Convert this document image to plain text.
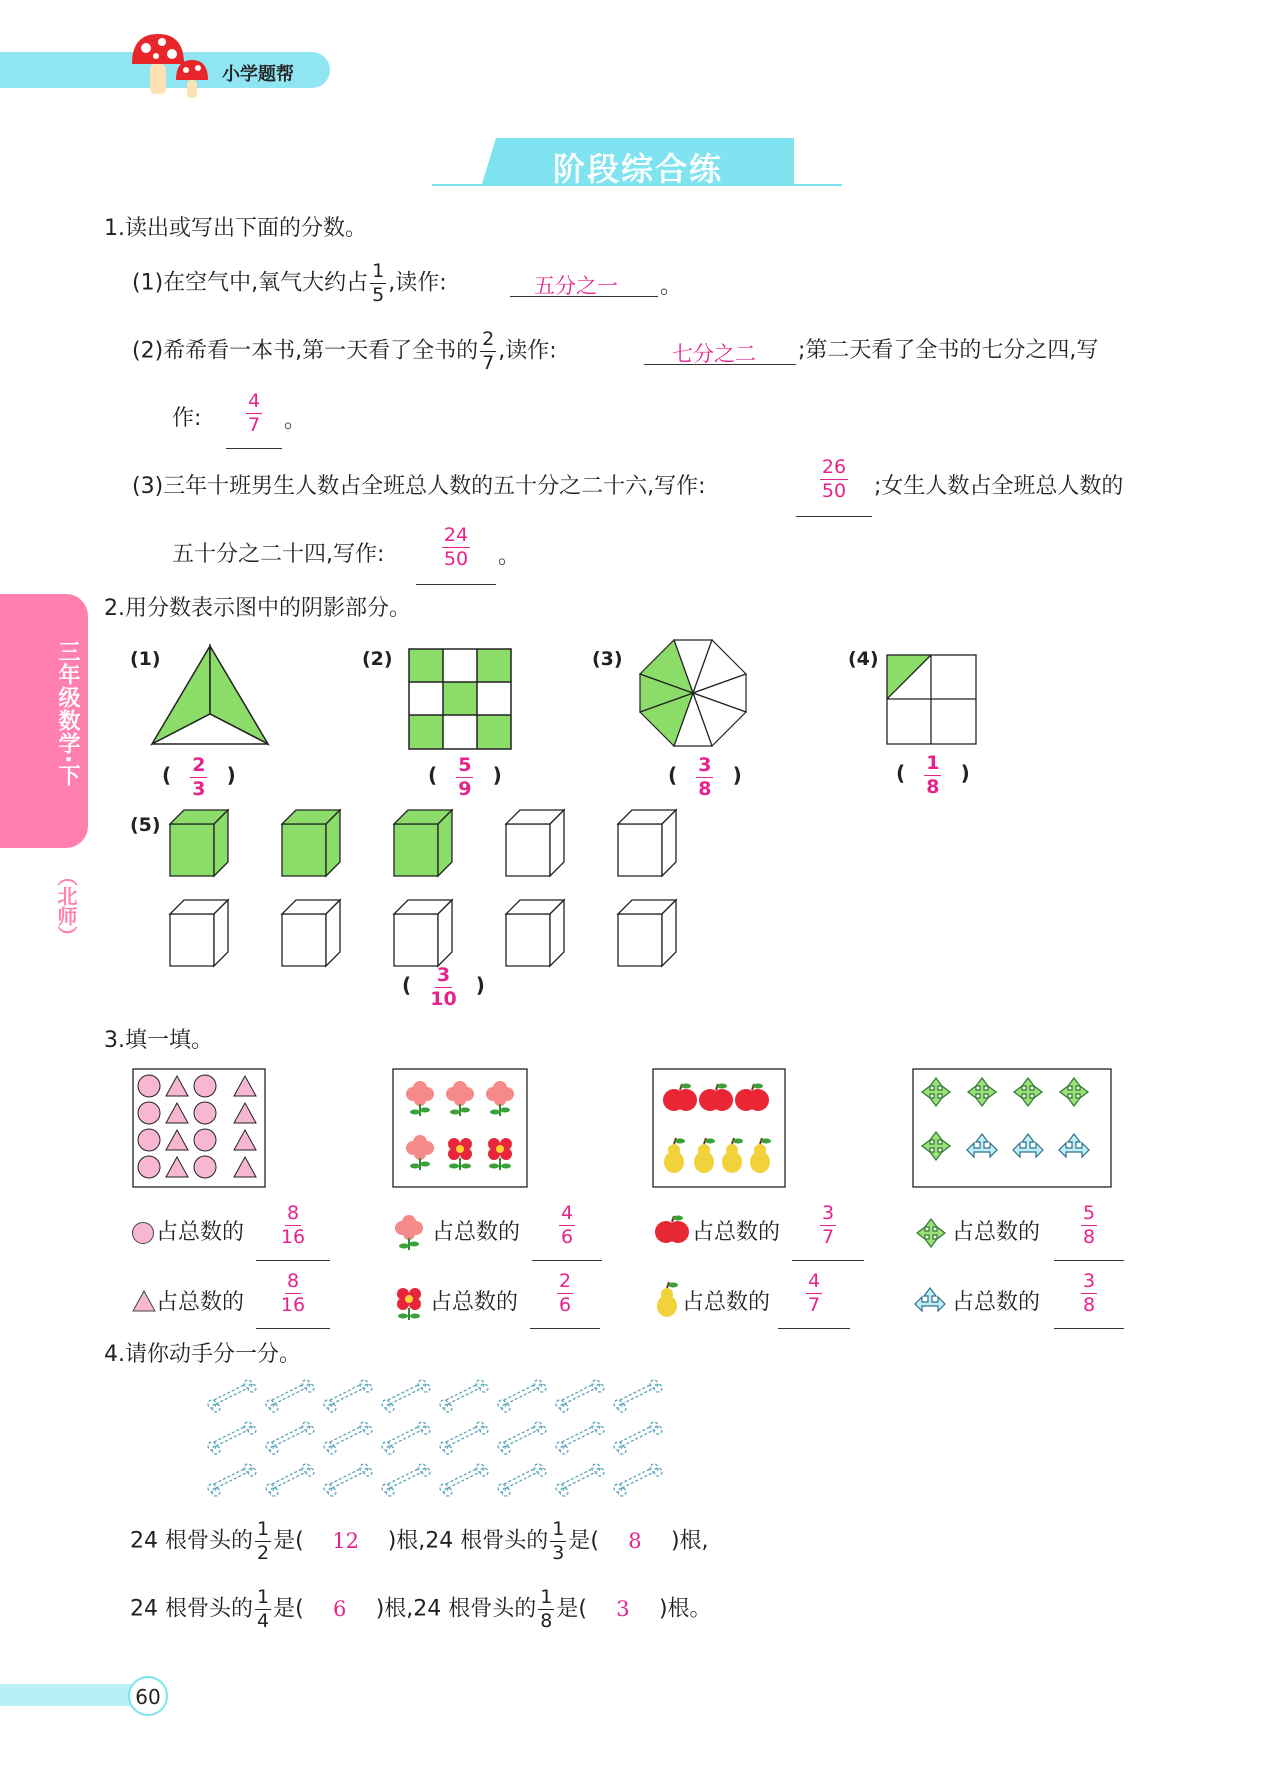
小学题帮
阶段综合练
三年级数学·下
（北师）
1.读出或写出下面的分数。
(1)在空气中,氧气大约占 $\frac{1}{5}$ ,读作:	五分之一 。
(2)希希看一本书,第一天看了全书的 $\frac{2}{7}$ ,读作:	七分之二 ;第二天看了全书的七分之四,写
作: $\frac{4}{7}$ 。
(3)三年十班男生人数占全班总人数的五十分之二十六,写作:	$\frac{26}{50}$ ;女生人数占全班总人数的
五十分之二十四,写作:	$\frac{24}{50}$ 。
2.用分数表示图中的阴影部分。
(1)
( $\frac{2}{3}$ )
(2)
( $\frac{5}{9}$ )
(3)
( $\frac{3}{8}$ )
(4)
( $\frac{1}{8}$ )
(5)
( $\frac{3}{10}$ )
3.填一填。
占总数的 $\frac{8}{16}$	占总数的 $\frac{4}{6}$	占总数的 $\frac{3}{7}$	占总数的 $\frac{5}{8}$
占总数的 $\frac{8}{16}$	占总数的 $\frac{2}{6}$	占总数的 $\frac{4}{7}$	占总数的 $\frac{3}{8}$
4.请你动手分一分。
24 根骨头的 $\frac{1}{2}$ 是( 12 )根,24 根骨头的 $\frac{1}{3}$ 是( 8 )根,
24 根骨头的 $\frac{1}{4}$ 是( 6 )根,24 根骨头的 $\frac{1}{8}$ 是( 3 )根。
60
